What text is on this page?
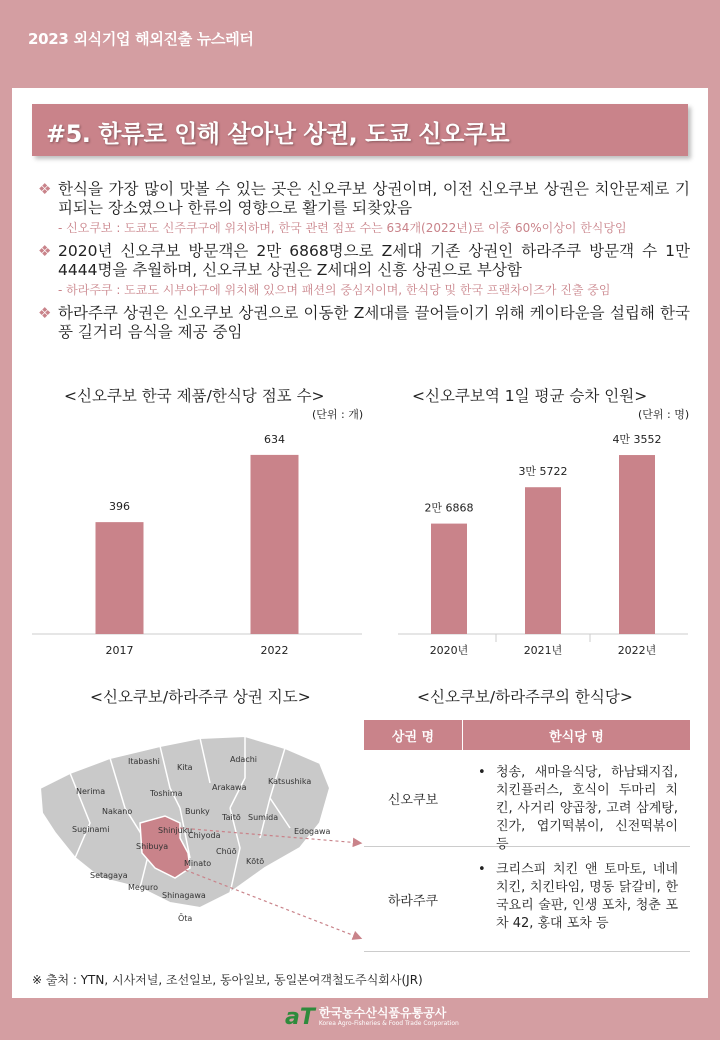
2023 외식기업 해외진출 뉴스레터
#5. 한류로 인해 살아난 상권, 도쿄 신오쿠보
❖ 한식을 가장 많이 맛볼 수 있는 곳은 신오쿠보 상권이며, 이전 신오쿠보 상권은 치안문제로 기피되는 장소였으나 한류의 영향으로 활기를 되찾았음
- 신오쿠보 : 도쿄도 신주쿠구에 위치하며, 한국 관련 점포 수는 634개(2022년)로 이중 60%이상이 한식당임
❖ 2020년 신오쿠보 방문객은 2만 6868명으로 Z세대 기존 상권인 하라주쿠 방문객 수 1만 4444명을 추월하며, 신오쿠보 상권은 Z세대의 신흥 상권으로 부상함
- 하라주쿠 : 도쿄도 시부야구에 위치해 있으며 패션의 중심지이며, 한식당 및 한국 프랜차이즈가 진출 중임
❖ 하라주쿠 상권은 신오쿠보 상권으로 이동한 Z세대를 끌어들이기 위해 케이타운을 설립해 한국풍 길거리 음식을 제공 중임
<신오쿠보 한국 제품/한식당 점포 수>
(단위 : 개)
396
2017
634
2022
<신오쿠보역 1일 평균 승차 인원>
(단위 : 명)
2만 6868
2020년
3만 5722
2021년
4만 3552
2022년
<신오쿠보/하라주쿠 상권 지도>
Itabashi
Kita
Adachi
Nerima	Toshima
Arakawa
Katsushika
Nakano	Bunky
Taitō Sumida
Suginami	Shinjuku
Chiyoda	Edogawa
Shibuya
Chūō
Minato	Kōtō
Setagaya
Meguro
Shinagawa
Ōta
<신오쿠보/하라주쿠의 한식당>
상권 명	한식당 명
신오쿠보
• 청송, 새마을식당, 하남돼지집, 치킨플러스, 호식이 두마리 치킨, 사거리 양곱창, 고려 삼계탕, 진가, 엽기떡볶이, 신전떡볶이 등
하라주쿠
• 크리스피 치킨 앤 토마토, 네네치킨, 치킨타임, 명동 닭갈비, 한국요리 술판, 인생 포차, 청춘 포차 42, 홍대 포차 등
※ 출처 : YTN, 시사저널, 조선일보, 동아일보, 동일본여객철도주식회사(JR)
aT 한국농수산식품유통공사
Korea Agro-Fisheries & Food Trade Corporation
